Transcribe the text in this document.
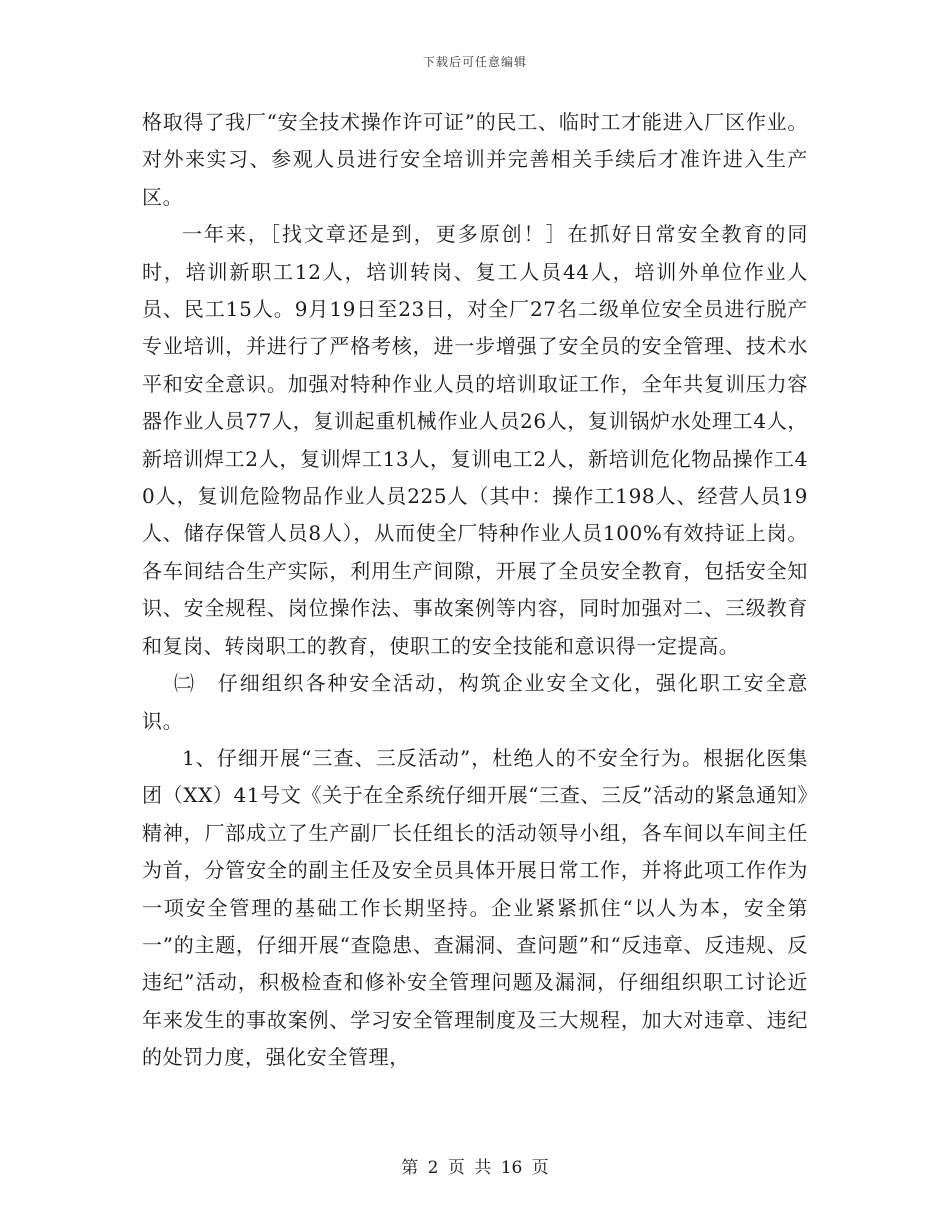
下载后可任意编辑

格取得了我厂“安全技术操作许可证”的民工、临时工才能进入厂区作业。对外来实习、参观人员进行安全培训并完善相关手续后才准许进入生产区。

一年来，［找文章还是到，更多原创！］在抓好日常安全教育的同时，培训新职工12人，培训转岗、复工人员44人，培训外单位作业人员、民工15人。9月19日至23日，对全厂27名二级单位安全员进行脱产专业培训，并进行了严格考核，进一步增强了安全员的安全管理、技术水平和安全意识。加强对特种作业人员的培训取证工作，全年共复训压力容器作业人员77人，复训起重机械作业人员26人，复训锅炉水处理工4人，新培训焊工2人，复训焊工13人，复训电工2人，新培训危化物品操作工40人，复训危险物品作业人员225人（其中：操作工198人、经营人员19人、储存保管人员8人），从而使全厂特种作业人员100%有效持证上岗。各车间结合生产实际，利用生产间隙，开展了全员安全教育，包括安全知识、安全规程、岗位操作法、事故案例等内容，同时加强对二、三级教育和复岗、转岗职工的教育，使职工的安全技能和意识得一定提高。

㈡　仔细组织各种安全活动，构筑企业安全文化，强化职工安全意识。

1、仔细开展“三查、三反活动”，杜绝人的不安全行为。根据化医集团（XX）41号文《关于在全系统仔细开展“三查、三反”活动的紧急通知》精神，厂部成立了生产副厂长任组长的活动领导小组，各车间以车间主任为首，分管安全的副主任及安全员具体开展日常工作，并将此项工作作为一项安全管理的基础工作长期坚持。企业紧紧抓住“以人为本，安全第一”的主题，仔细开展“查隐患、查漏洞、查问题”和“反违章、反违规、反违纪”活动，积极检查和修补安全管理问题及漏洞，仔细组织职工讨论近年来发生的事故案例、学习安全管理制度及三大规程，加大对违章、违纪的处罚力度，强化安全管理，

第 2 页 共 16 页
